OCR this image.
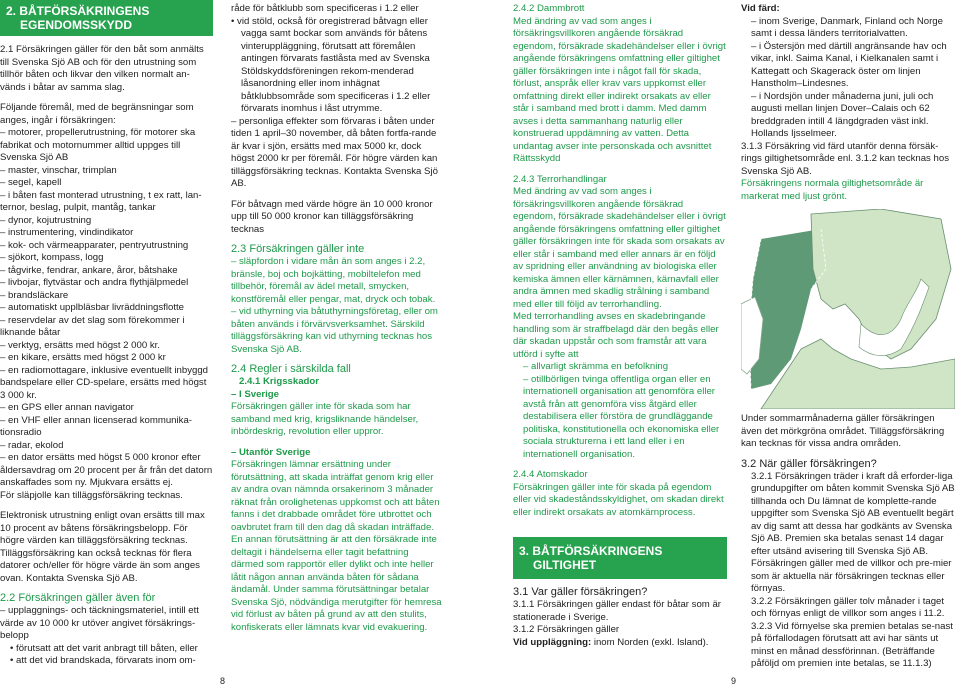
2. BÅTFÖRSÄKRINGENS
EGENDOMSSKYDD

2.1 Försäkringen gäller för den båt som anmälts till Svenska Sjö AB och för den utrustning som tillhör båten och likvar den vilken normalt an-vänds i båtar av samma slag.

Följande föremål, med de begränsningar som anges, ingår i försäkringen:

– motorer, propellerutrustning, för motorer ska fabrikat och motornummer alltid uppges till Svenska Sjö AB
– master, vinschar, trimplan
– segel, kapell
– i båten fast monterad utrustning, t ex ratt, lan-ternor, beslag, pulpit, mantåg, tankar
– dynor, kojutrustning
– instrumentering, vindindikator
– kok- och värmeapparater, pentryutrustning
– sjökort, kompass, logg
– tågvirke, fendrar, ankare, åror, båtshake
– livbojar, flytvästar och andra flythjälpmedel
– brandsläckare
– automatiskt upplbläsbar livräddningsflotte
– reservdelar av det slag som förekommer i liknande båtar
– verktyg, ersätts med högst 2 000 kr.
– en kikare, ersätts med högst 2 000 kr
– en radiomottagare, inklusive eventuellt inbyggd bandspelare eller CD-spelare, ersätts med högst 3 000 kr.
– en GPS eller annan navigator
– en VHF eller annan licenserad kommunika-tionsradio
– radar, ekolod
– en dator ersätts med högst 5 000 kronor efter åldersavdrag om 20 procent per år från det datorn anskaffades som ny. Mjukvara ersätts ej.

För släpjolle kan tilläggsförsäkring tecknas.

Elektronisk utrustning enligt ovan ersätts till max 10 procent av båtens försäkringsbelopp. För högre värden kan tilläggsförsäkring tecknas. Tilläggsförsäkring kan också tecknas för flera datorer och/eller för högre värde än som anges ovan. Kontakta Svenska Sjö AB.

2.2 Försäkringen gäller även för

– upplaggnings- och täckningsmateriel, intill ett värde av 10 000 kr utöver angivet försäkrings-belopp

• förutsatt att det varit anbragt till båten, eller
• att det vid brandskada, förvarats inom om-
8

råde för båtklubb som specificeras i 1.2 eller

• vid stöld, också för oregistrerad båtvagn eller vagga samt bockar som används för båtens vinteruppläggning, förutsatt att föremålen antingen förvarats fastlåsta med av Svenska Stöldskyddsföreningen rekom-menderad låsanordning eller inom inhägnat båtklubbsområde som specificeras i 1.2 eller förvarats inomhus i låst utrymme.

– personliga effekter som förvaras i båten under tiden 1 april–30 november, då båten fortfa-rande är kvar i sjön, ersätts med max 5000 kr, dock högst 2000 kr per föremål. För högre värden kan tilläggsförsäkring tecknas. Kontakta Svenska Sjö AB.

För båtvagn med värde högre än 10 000 kronor upp till 50 000 kronor kan tilläggsförsäkring tecknas

2.3 Försäkringen gäller inte

– släpfordon i vidare mån än som anges i 2.2, bränsle, boj och bojkätting, mobiltelefon med tillbehör, föremål av ädel metall, smycken, konstföremål eller pengar, mat, dryck och tobak.

– vid uthyrning via båtuthyrningsföretag, eller om båten används i förvärvsverksamhet. Särskild tilläggsförsäkring kan vid uthyrning tecknas hos Svenska Sjö AB.

2.4 Regler i särskilda fall

2.4.1 Krigsskador

– I Sverige

Försäkringen gäller inte för skada som har samband med krig, krigsliknande händelser, inbördeskrig, revolution eller uppror.

– Utanför Sverige

Försäkringen lämnar ersättning under förutsättning, att skada inträffat genom krig eller av andra ovan nämnda orsakerinom 3 månader räknat från orolighetenas uppkomst och att båten fanns i det drabbade området före utbrottet och oavbrutet fram till den dag då skadan inträffade. En annan förutsättning är att den försäkrade inte deltagit i händelserna eller tagit befattning därmed som rapportör eller dylikt och inte heller låtit någon annan använda båten för sådana ändamål. Under samma förutsättningar betalar Svenska Sjö, nödvändiga merutgifter för hemresa vid förlust av båten på grund av att den stulits, konfiskerats eller lämnats kvar vid evakuering.

2.4.2 Dammbrott

Med ändring av vad som anges i försäkringsvillkoren angående försäkrad egendom, försäkrade skadehändelser eller i övrigt angående försäkringens omfattning eller giltighet gäller försäkringen inte i något fall för skada, förlust, anspråk eller krav vars uppkomst eller omfattning direkt eller indirekt orsakats av eller står i samband med brott i damm. Med damm avses i detta sammanhang naturlig eller konstruerad uppdämning av vatten. Detta undantag avser inte personskada och avsnittet Rättsskydd

2.4.3 Terrorhandlingar

Med ändring av vad som anges i försäkringsvillkoren angående försäkrad egendom, försäkrade skadehändelser eller i övrigt angående försäkringens omfattning eller giltighet gäller försäkringen inte för skada som orsakats av eller står i samband med eller annars är en följd av spridning eller användning av biologiska eller kemiska ämnen eller kärnämnen, kärnavfall eller andra ämnen med skadlig strålning i samband med eller till följd av terrorhandling.

Med terrorhandling avses en skadebringande handling som är straffbelagd där den begås eller där skadan uppstår och som framstår att vara utförd i syfte att

– allvarligt skrämma en befolkning
– otillbörligen tvinga offentliga organ eller en internationell organisation att genomföra eller avstå från att genomföra viss åtgärd eller destabilisera eller förstöra de grundläggande politiska, konstitutionella och ekonomiska eller sociala strukturerna i ett land eller i en internationell organisation.

2.4.4 Atomskador

Försäkringen gäller inte för skada på egendom eller vid skadeståndsskyldighet, om skadan direkt eller indirekt orsakats av atomkärnprocess.

3. BÅTFÖRSÄKRINGENS
GILTIGHET

3.1 Var gäller försäkringen?

3.1.1 Försäkringen gäller endast för båtar som är stationerade i Sverige.

3.1.2 Försäkringen gäller

Vid uppläggning: inom Norden (exkl. Island).

Vid färd:

– inom Sverige, Danmark, Finland och Norge samt i dessa länders territorialvatten.
– i Östersjön med därtill angränsande hav och vikar, inkl. Saima Kanal, i Kielkanalen samt i Kattegatt och Skagerack öster om linjen Hanstholm–Lindesnes.
– i Nordsjön under månaderna juni, juli och augusti mellan linjen Dover–Calais och 62 breddgraden intill 4 längdgraden väst inkl. Hollands Ijsselmeer.

3.1.3 Försäkring vid färd utanför denna försäk-rings giltighetsområde enl. 3.1.2 kan tecknas hos Svenska Sjö AB.

Försäkringens normala giltighetsområde är markerat med ljust grönt.

Under sommarmånaderna gäller försäkringen även det mörkgröna området. Tilläggsförsäkring kan tecknas för vissa andra områden.

3.2 När gäller försäkringen?

3.2.1 Försäkringen träder i kraft då erforder-liga grundupgifter om båten kommit Svenska Sjö AB tillhanda och Du lämnat de komplette-rande uppgifter som Svenska Sjö AB eventuellt begärt av dig samt att dessa har godkänts av Svenska Sjö AB. Premien ska betalas senast 14 dagar efter utsänd avisering till Svenska Sjö AB. Försäkringen gäller med de villkor och pre-mier som är aktuella när försäkringen tecknas eller förnyas.

3.2.2 Försäkringen gäller tolv månader i taget och förnyas enligt de villkor som anges i 11.2.

3.2.3 Vid förnyelse ska premien betalas se-nast på förfallodagen förutsatt att avi har sänts ut minst en månad dessförinnan. (Beträffande påföljd om premien inte betalas, se 11.1.3)

9
